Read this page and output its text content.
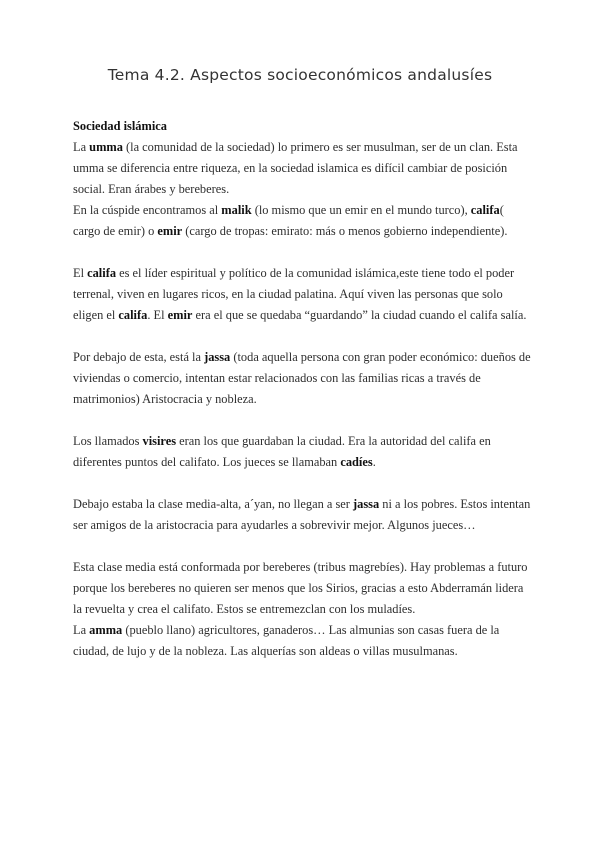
Tema 4.2. Aspectos socioeconómicos andalusíes

Sociedad islámica

La umma (la comunidad de la sociedad) lo primero es ser musulman, ser de un clan. Esta umma se diferencia entre riqueza, en la sociedad islamica es difícil cambiar de posición social. Eran árabes y bereberes.

En la cúspide encontramos al malik (lo mismo que un emir en el mundo turco), califa( cargo de emir) o emir (cargo de tropas: emirato: más o menos gobierno independiente).

El califa es el líder espiritual y político de la comunidad islámica,este tiene todo el poder terrenal, viven en lugares ricos, en la ciudad palatina. Aquí viven las personas que solo eligen el califa. El emir era el que se quedaba “guardando” la ciudad cuando el califa salía.

Por debajo de esta, está la jassa (toda aquella persona con gran poder económico: dueños de viviendas o comercio, intentan estar relacionados con las familias ricas a través de matrimonios) Aristocracia y nobleza.

Los llamados visires eran los que guardaban la ciudad. Era la autoridad del califa en diferentes puntos del califato. Los jueces se llamaban cadíes.

Debajo estaba la clase media-alta, a´yan, no llegan a ser jassa ni a los pobres. Estos intentan ser amigos de la aristocracia para ayudarles a sobrevivir mejor. Algunos jueces…

Esta clase media está conformada por bereberes (tribus magrebíes). Hay problemas a futuro porque los bereberes no quieren ser menos que los Sirios, gracias a esto Abderramán lidera la revuelta y crea el califato. Estos se entremezclan con los muladíes.

La amma (pueblo llano) agricultores, ganaderos… Las almunias son casas fuera de la ciudad, de lujo y de la nobleza. Las alquerías son aldeas o villas musulmanas.
